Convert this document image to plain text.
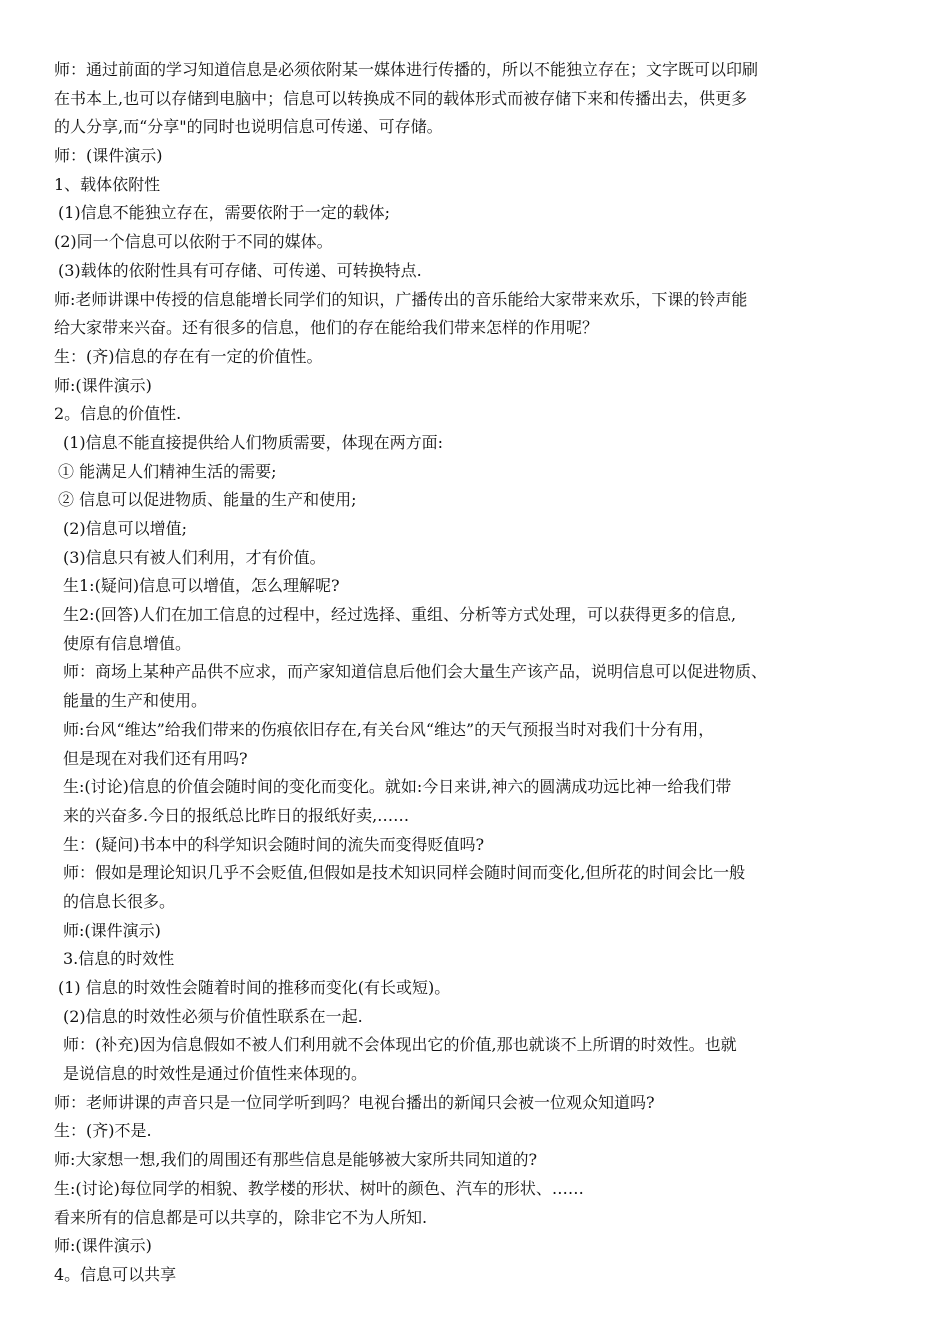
师：通过前面的学习知道信息是必须依附某一媒体进行传播的，所以不能独立存在；文字既可以印刷
在书本上,也可以存储到电脑中；信息可以转换成不同的载体形式而被存储下来和传播出去，供更多
的人分享,而“分享"的同时也说明信息可传递、可存储。
师：(课件演示)
1、载体依附性
(1)信息不能独立存在，需要依附于一定的载体;
(2)同一个信息可以依附于不同的媒体。
(3)载体的依附性具有可存储、可传递、可转换特点.
师:老师讲课中传授的信息能增长同学们的知识，广播传出的音乐能给大家带来欢乐，下课的铃声能
给大家带来兴奋。还有很多的信息，他们的存在能给我们带来怎样的作用呢？
生：(齐)信息的存在有一定的价值性。
师:(课件演示)
2。信息的价值性.
(1)信息不能直接提供给人们物质需要，体现在两方面:
① 能满足人们精神生活的需要;
② 信息可以促进物质、能量的生产和使用;
(2)信息可以增值;
(3)信息只有被人们利用，才有价值。
生1:(疑问)信息可以增值，怎么理解呢?
生2:(回答)人们在加工信息的过程中，经过选择、重组、分析等方式处理，可以获得更多的信息,
使原有信息增值。
师：商场上某种产品供不应求，而产家知道信息后他们会大量生产该产品，说明信息可以促进物质、
能量的生产和使用。
师:台风“维达”给我们带来的伤痕依旧存在,有关台风“维达”的天气预报当时对我们十分有用，
但是现在对我们还有用吗?
生:(讨论)信息的价值会随时间的变化而变化。就如:今日来讲,神六的圆满成功远比神一给我们带
来的兴奋多.今日的报纸总比昨日的报纸好卖,……
生：(疑问)书本中的科学知识会随时间的流失而变得贬值吗?
师：假如是理论知识几乎不会贬值,但假如是技术知识同样会随时间而变化,但所花的时间会比一般
的信息长很多。
师:(课件演示)
3.信息的时效性
(1) 信息的时效性会随着时间的推移而变化(有长或短)。
(2)信息的时效性必须与价值性联系在一起.
师：(补充)因为信息假如不被人们利用就不会体现出它的价值,那也就谈不上所谓的时效性。也就
是说信息的时效性是通过价值性来体现的。
师：老师讲课的声音只是一位同学听到吗？电视台播出的新闻只会被一位观众知道吗?
生：(齐)不是.
师:大家想一想,我们的周围还有那些信息是能够被大家所共同知道的?
生:(讨论)每位同学的相貌、教学楼的形状、树叶的颜色、汽车的形状、……
看来所有的信息都是可以共享的，除非它不为人所知.
师:(课件演示)
4。信息可以共享
